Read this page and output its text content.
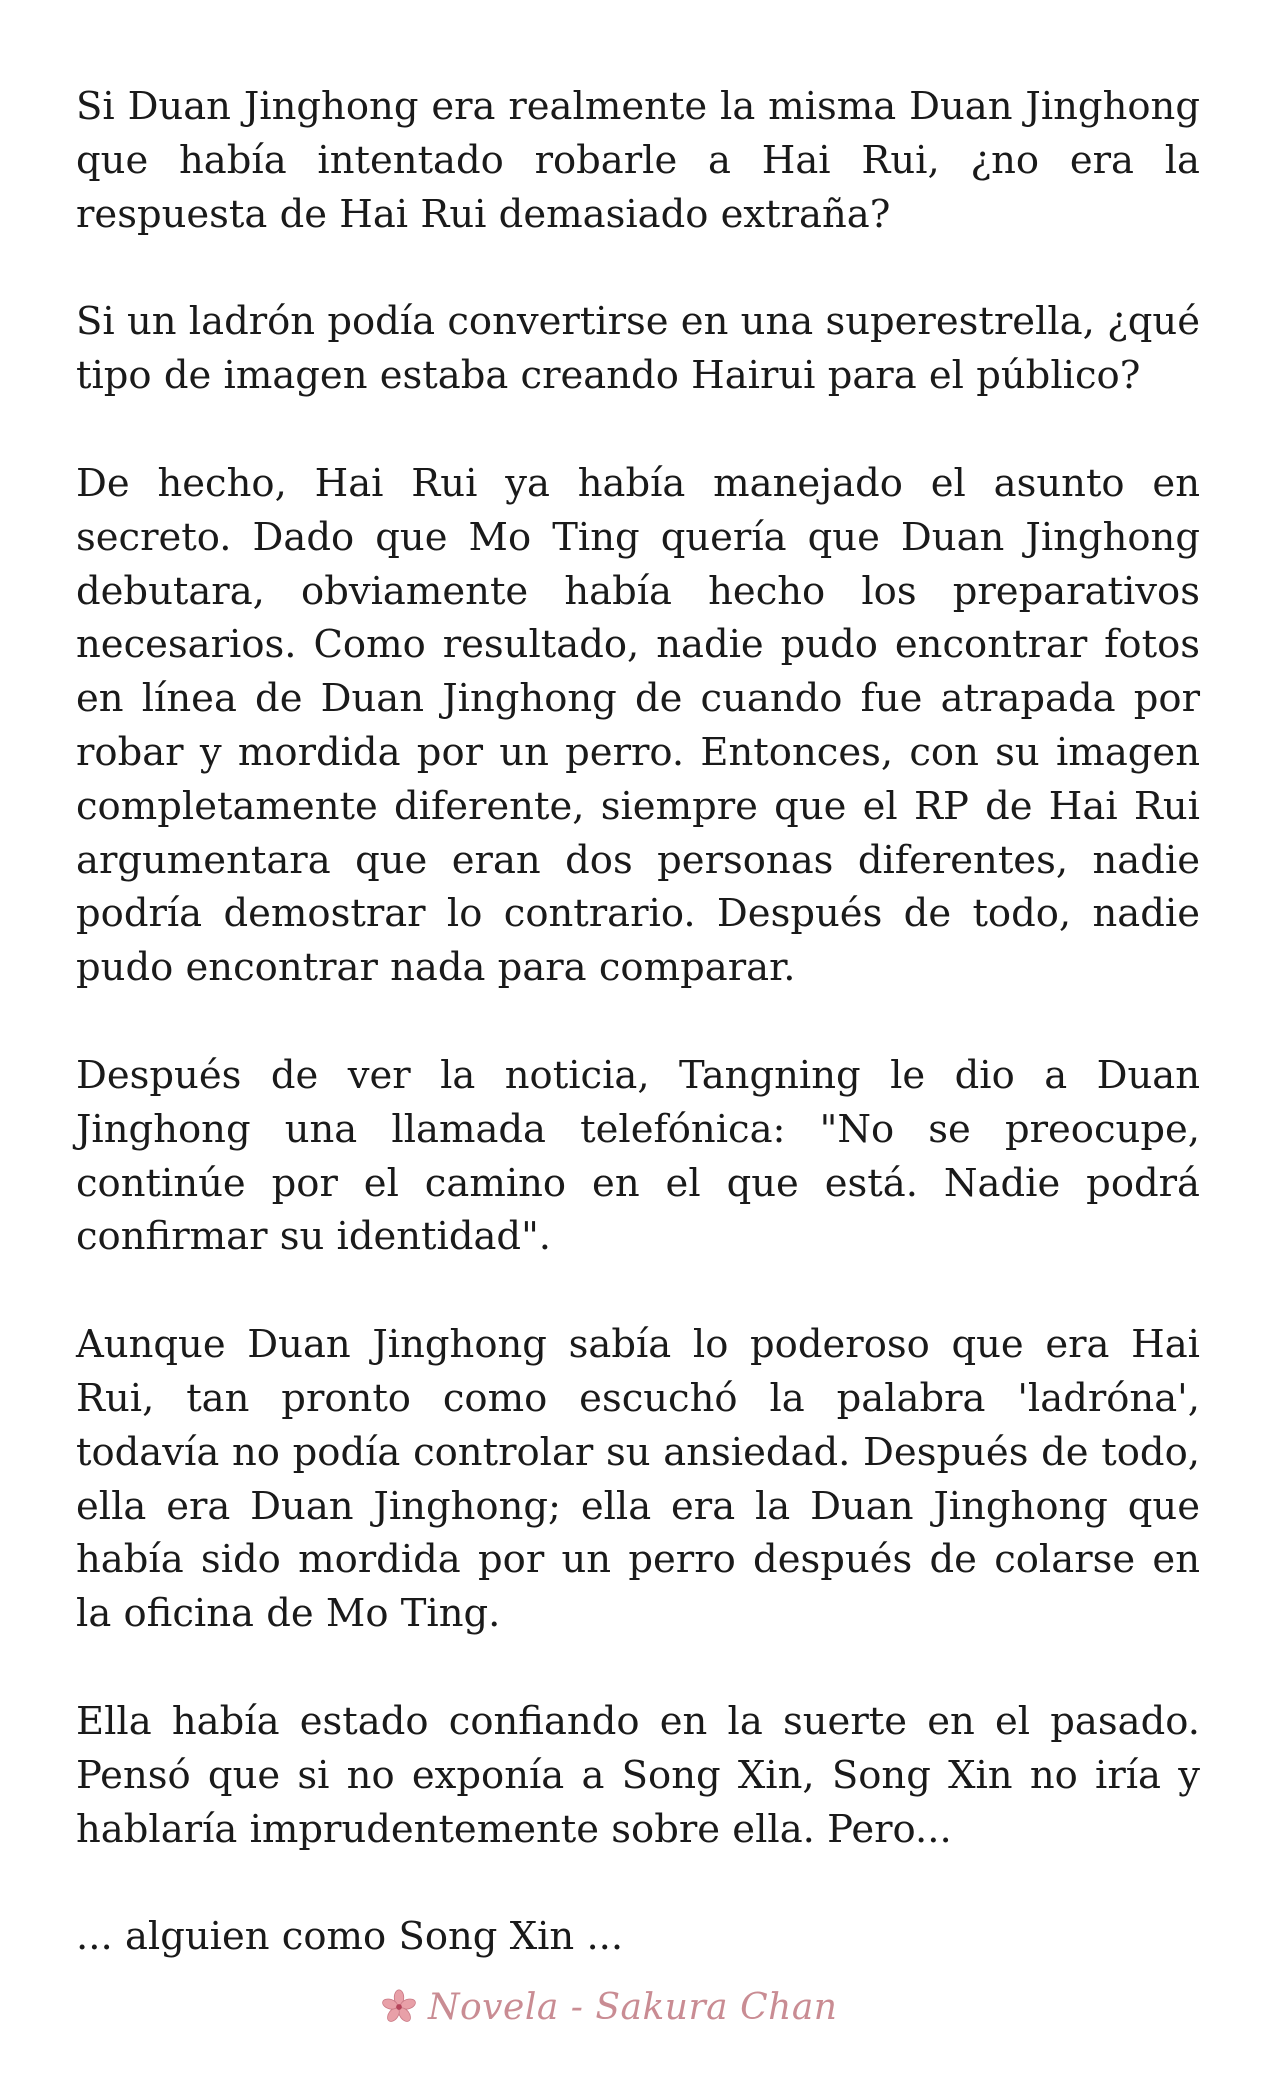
Si Duan Jinghong era realmente la misma Duan Jinghong que había intentado robarle a Hai Rui, ¿no era la respuesta de Hai Rui demasiado extraña?

Si un ladrón podía convertirse en una superestrella, ¿qué tipo de imagen estaba creando Hairui para el público?

De hecho, Hai Rui ya había manejado el asunto en secreto. Dado que Mo Ting quería que Duan Jinghong debutara, obviamente había hecho los preparativos necesarios. Como resultado, nadie pudo encontrar fotos en línea de Duan Jinghong de cuando fue atrapada por robar y mordida por un perro. Entonces, con su imagen completamente diferente, siempre que el RP de Hai Rui argumentara que eran dos personas diferentes, nadie podría demostrar lo contrario. Después de todo, nadie pudo encontrar nada para comparar.

Después de ver la noticia, Tangning le dio a Duan Jinghong una llamada telefónica: "No se preocupe, continúe por el camino en el que está. Nadie podrá confirmar su identidad".

Aunque Duan Jinghong sabía lo poderoso que era Hai Rui, tan pronto como escuchó la palabra 'ladróna', todavía no podía controlar su ansiedad. Después de todo, ella era Duan Jinghong; ella era la Duan Jinghong que había sido mordida por un perro después de colarse en la oficina de Mo Ting.

Ella había estado confiando en la suerte en el pasado. Pensó que si no exponía a Song Xin, Song Xin no iría y hablaría imprudentemente sobre ella. Pero...

... alguien como Song Xin ...

Novela - Sakura Chan
